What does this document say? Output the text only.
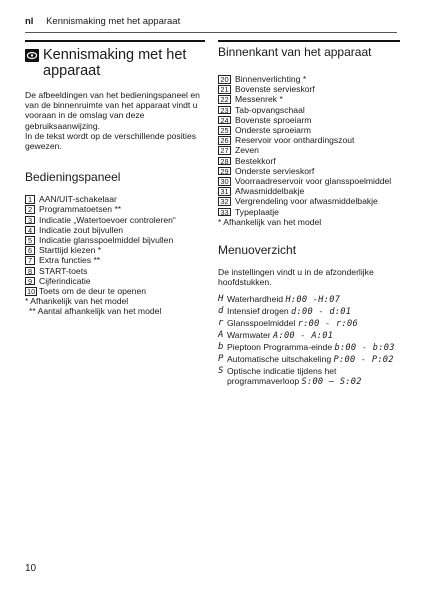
nl Kennismaking met het apparaat
Kennismaking met het apparaat

De afbeeldingen van het bedieningspaneel en

van de binnenruimte van het apparaat vindt u vooraan in de omslag van deze gebruiksaanwijzing.

In de tekst wordt op de verschillende posities gewezen.

Bedieningspaneel
1 AAN/UIT-schakelaar
2 Programmatoetsen **
3 Indicatie „Watertoevoer controleren“
4 Indicatie zout bijvullen
5 Indicatie glansspoelmiddel bijvullen
6 Starttijd kiezen *
7 Extra functies **
8 START-toets
9 Cijferindicatie
10 Toets om de deur te openen

* Afhankelijk van het model

** Aantal afhankelijk van het model

Binnenkant van het apparaat
20 Binnenverlichting *
21 Bovenste servieskorf
22 Messenrek *
23 Tab-opvangschaal
24 Bovenste sproeiarm
25 Onderste sproeiarm
26 Reservoir voor onthardingszout
27 Zeven
28 Bestekkorf
29 Onderste servieskorf
30 Voorraadreservoir voor glansspoelmiddel
31 Afwasmiddelbakje
32 Vergrendeling voor afwasmiddelbakje
33 Typeplaatje

* Afhankelijk van het model

Menuoverzicht

De instellingen vindt u in de afzonderlijke hoofdstukken.

H Waterhardheid H:00 -H:07
d Intensief drogen d:00 - d:01
r Glansspoelmiddel r:00 - r:06
A Warmwater A:00 - A:01
b Pieptoon Programma-einde b:00 - b:03
P Automatische uitschakeling P:00 - P:02
S Optische indicatie tijdens het programmaverloop S:00 – S:02
10
